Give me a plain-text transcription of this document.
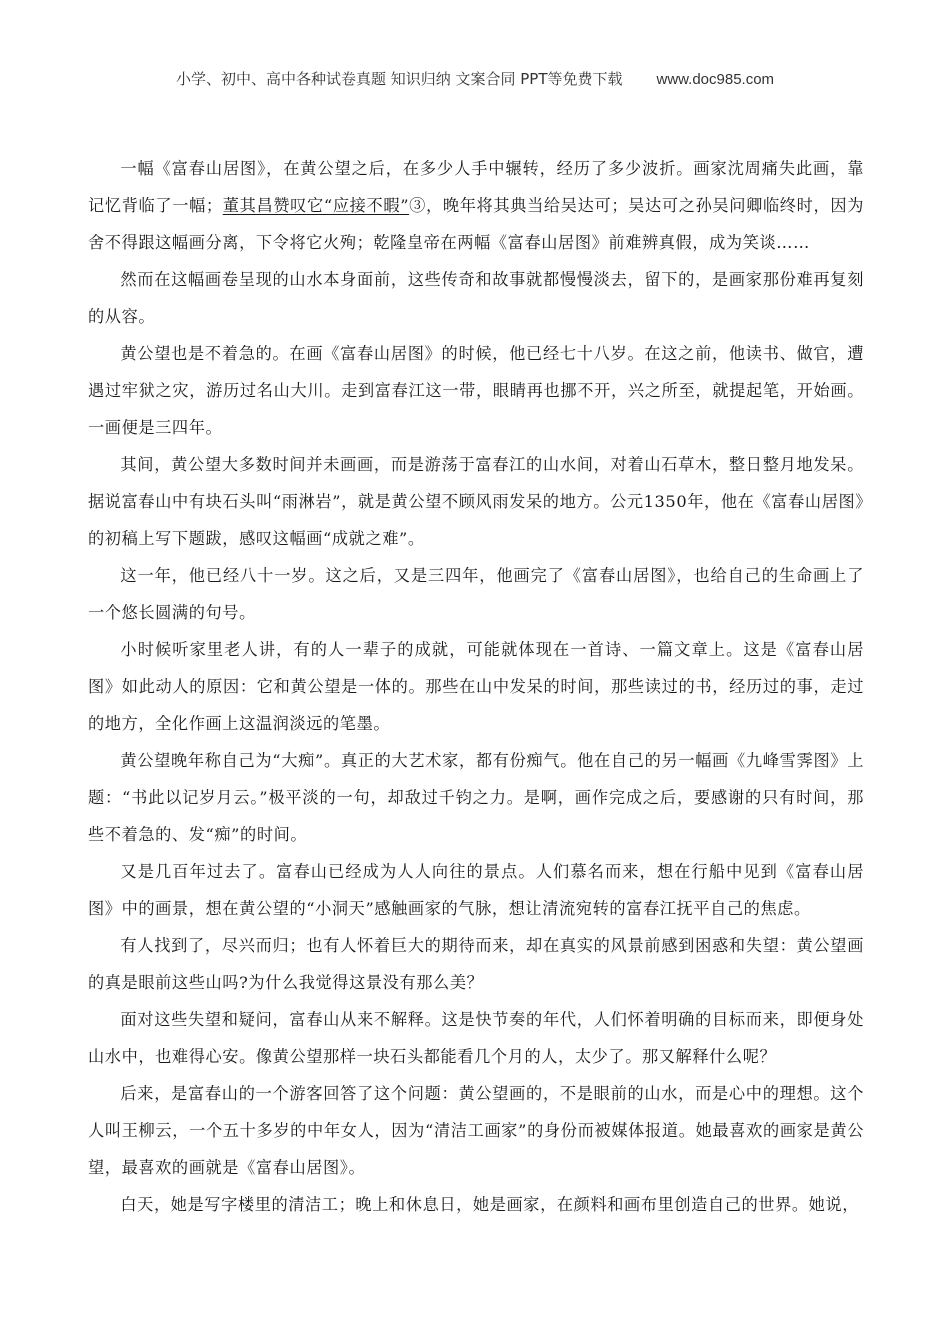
小学、初中、高中各种试卷真题 知识归纳 文案合同 PPT等免费下载 www.doc985.com

一幅《富春山居图》，在黄公望之后，在多少人手中辗转，经历了多少波折。画家沈周痛失此画，靠记忆背临了一幅；董其昌赞叹它“应接不暇”③，晚年将其典当给吴达可；吴达可之孙吴问卿临终时，因为舍不得跟这幅画分离，下令将它火殉；乾隆皇帝在两幅《富春山居图》前难辨真假，成为笑谈……

然而在这幅画卷呈现的山水本身面前，这些传奇和故事就都慢慢淡去，留下的，是画家那份难再复刻的从容。

黄公望也是不着急的。在画《富春山居图》的时候，他已经七十八岁。在这之前，他读书、做官，遭遇过牢狱之灾，游历过名山大川。走到富春江这一带，眼睛再也挪不开，兴之所至，就提起笔，开始画。一画便是三四年。

其间，黄公望大多数时间并未画画，而是游荡于富春江的山水间，对着山石草木，整日整月地发呆。据说富春山中有块石头叫“雨淋岩”，就是黄公望不顾风雨发呆的地方。公元1350年，他在《富春山居图》的初稿上写下题跋，感叹这幅画“成就之难”。

这一年，他已经八十一岁。这之后，又是三四年，他画完了《富春山居图》，也给自己的生命画上了一个悠长圆满的句号。

小时候听家里老人讲，有的人一辈子的成就，可能就体现在一首诗、一篇文章上。这是《富春山居图》如此动人的原因：它和黄公望是一体的。那些在山中发呆的时间，那些读过的书，经历过的事，走过的地方，全化作画上这温润淡远的笔墨。

黄公望晚年称自己为“大痴”。真正的大艺术家，都有份痴气。他在自己的另一幅画《九峰雪霁图》上题：“书此以记岁月云。”极平淡的一句，却敌过千钧之力。是啊，画作完成之后，要感谢的只有时间，那些不着急的、发“痴”的时间。

又是几百年过去了。富春山已经成为人人向往的景点。人们慕名而来，想在行船中见到《富春山居图》中的画景，想在黄公望的“小洞天”感触画家的气脉，想让清流宛转的富春江抚平自己的焦虑。

有人找到了，尽兴而归；也有人怀着巨大的期待而来，却在真实的风景前感到困惑和失望：黄公望画的真是眼前这些山吗?为什么我觉得这景没有那么美？

面对这些失望和疑问，富春山从来不解释。这是快节奏的年代，人们怀着明确的目标而来，即便身处山水中，也难得心安。像黄公望那样一块石头都能看几个月的人，太少了。那又解释什么呢？

后来，是富春山的一个游客回答了这个问题：黄公望画的，不是眼前的山水，而是心中的理想。这个人叫王柳云，一个五十多岁的中年女人，因为“清洁工画家”的身份而被媒体报道。她最喜欢的画家是黄公望，最喜欢的画就是《富春山居图》。

白天，她是写字楼里的清洁工；晚上和休息日，她是画家，在颜料和画布里创造自己的世界。她说，
